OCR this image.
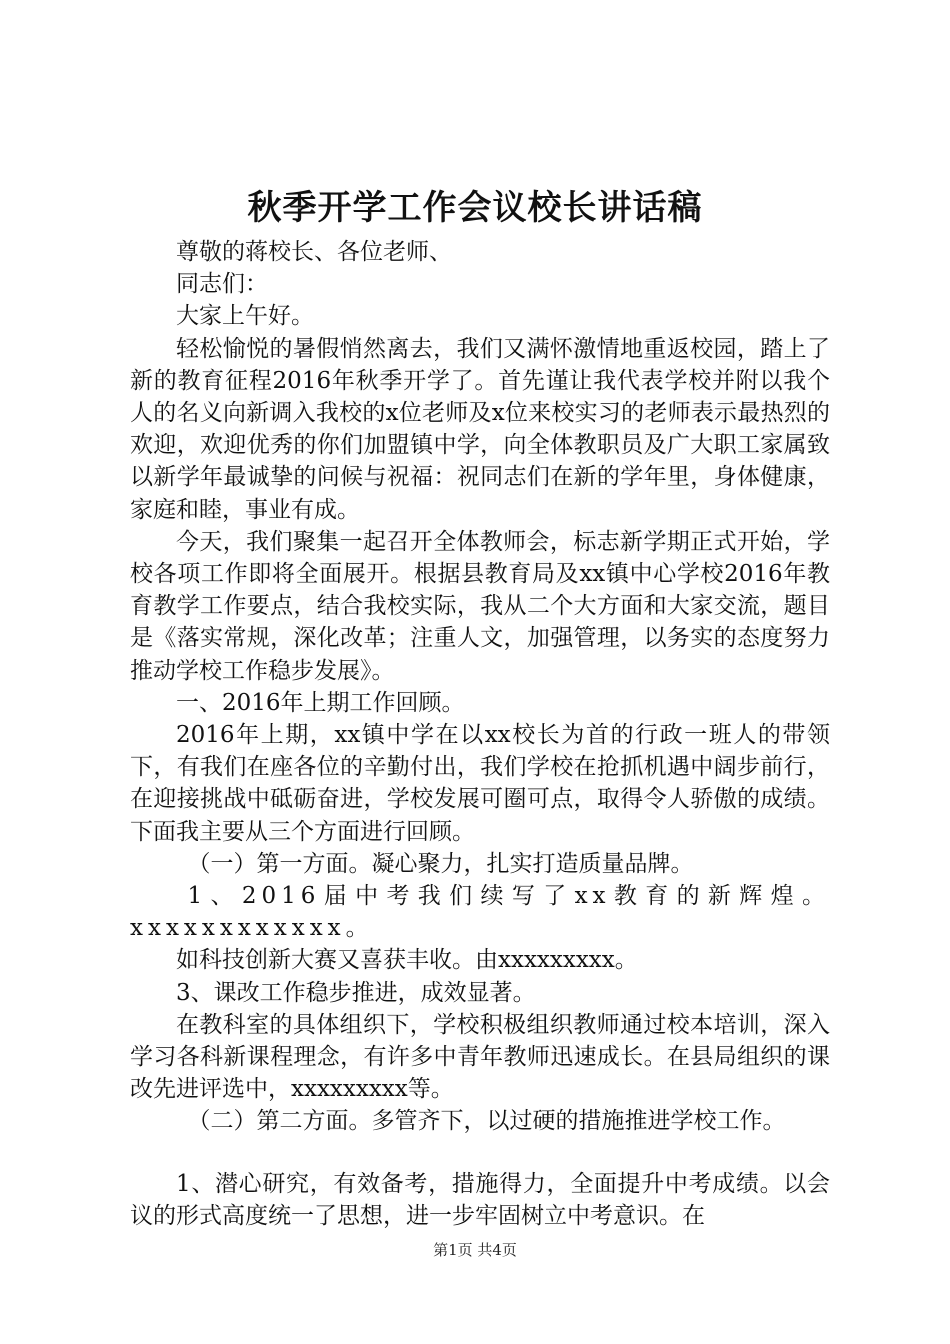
秋季开学工作会议校长讲话稿

尊敬的蒋校长、各位老师、

同志们：

大家上午好。

轻松愉悦的暑假悄然离去，我们又满怀激情地重返校园，踏上了新的教育征程2016年秋季开学了。首先谨让我代表学校并附以我个人的名义向新调入我校的x位老师及x位来校实习的老师表示最热烈的欢迎，欢迎优秀的你们加盟镇中学，向全体教职员及广大职工家属致以新学年最诚挚的问候与祝福：祝同志们在新的学年里，身体健康，家庭和睦，事业有成。

今天，我们聚集一起召开全体教师会，标志新学期正式开始，学校各项工作即将全面展开。根据县教育局及xx镇中心学校2016年教育教学工作要点，结合我校实际，我从二个大方面和大家交流，题目是《落实常规，深化改革；注重人文，加强管理，以务实的态度努力推动学校工作稳步发展》。

一、2016年上期工作回顾。

2016年上期，xx镇中学在以xx校长为首的行政一班人的带领下，有我们在座各位的辛勤付出，我们学校在抢抓机遇中阔步前行，在迎接挑战中砥砺奋进，学校发展可圈可点，取得令人骄傲的成绩。下面我主要从三个方面进行回顾。

（一）第一方面。凝心聚力，扎实打造质量品牌。

1、2016届中考我们续写了xx教育的新辉煌。xxxxxxxxxxxx。

如科技创新大赛又喜获丰收。由xxxxxxxxx。

3、课改工作稳步推进，成效显著。

在教科室的具体组织下，学校积极组织教师通过校本培训，深入学习各科新课程理念，有许多中青年教师迅速成长。在县局组织的课改先进评选中，xxxxxxxxx等。

（二）第二方面。多管齐下，以过硬的措施推进学校工作。

1、潜心研究，有效备考，措施得力，全面提升中考成绩。以会议的形式高度统一了思想，进一步牢固树立中考意识。在

第1页 共4页
